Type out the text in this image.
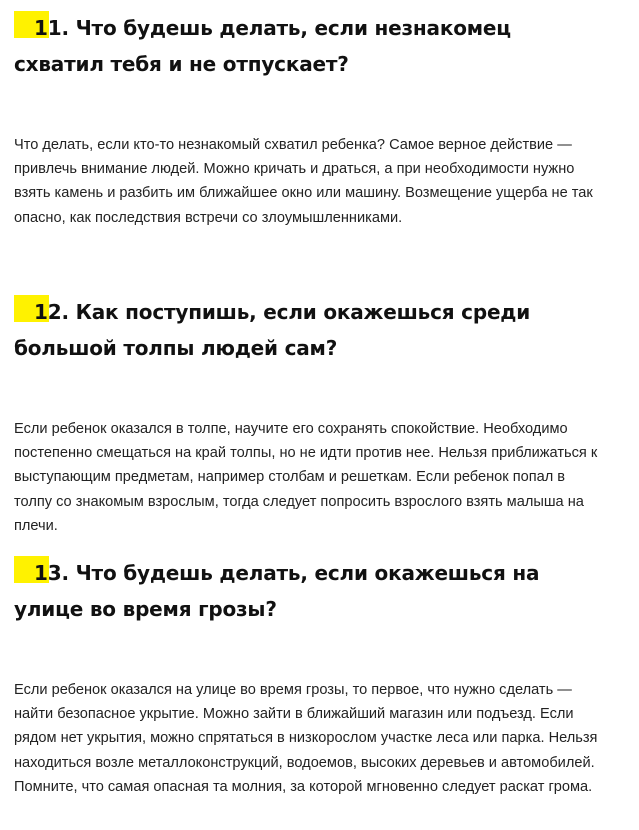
11. Что будешь делать, если незнакомец
схватил тебя и не отпускает?

Что делать, если кто-то незнакомый схватил ребенка? Самое верное действие — привлечь внимание людей. Можно кричать и драться, а при необходимости нужно взять камень и разбить им ближайшее окно или машину. Возмещение ущерба не так опасно, как последствия встречи со злоумышленниками.

12. Как поступишь, если окажешься среди
большой толпы людей сам?

Если ребенок оказался в толпе, научите его сохранять спокойствие. Необходимо постепенно смещаться на край толпы, но не идти против нее. Нельзя приближаться к выступающим предметам, например столбам и решеткам. Если ребенок попал в толпу со знакомым взрослым, тогда следует попросить взрослого взять малыша на плечи.

13. Что будешь делать, если окажешься на
улице во время грозы?

Если ребенок оказался на улице во время грозы, то первое, что нужно сделать — найти безопасное укрытие. Можно зайти в ближайший магазин или подъезд. Если рядом нет укрытия, можно спрятаться в низкорослом участке леса или парка. Нельзя находиться возле металлоконструкций, водоемов, высоких деревьев и автомобилей. Помните, что самая опасная та молния, за которой мгновенно следует раскат грома.
